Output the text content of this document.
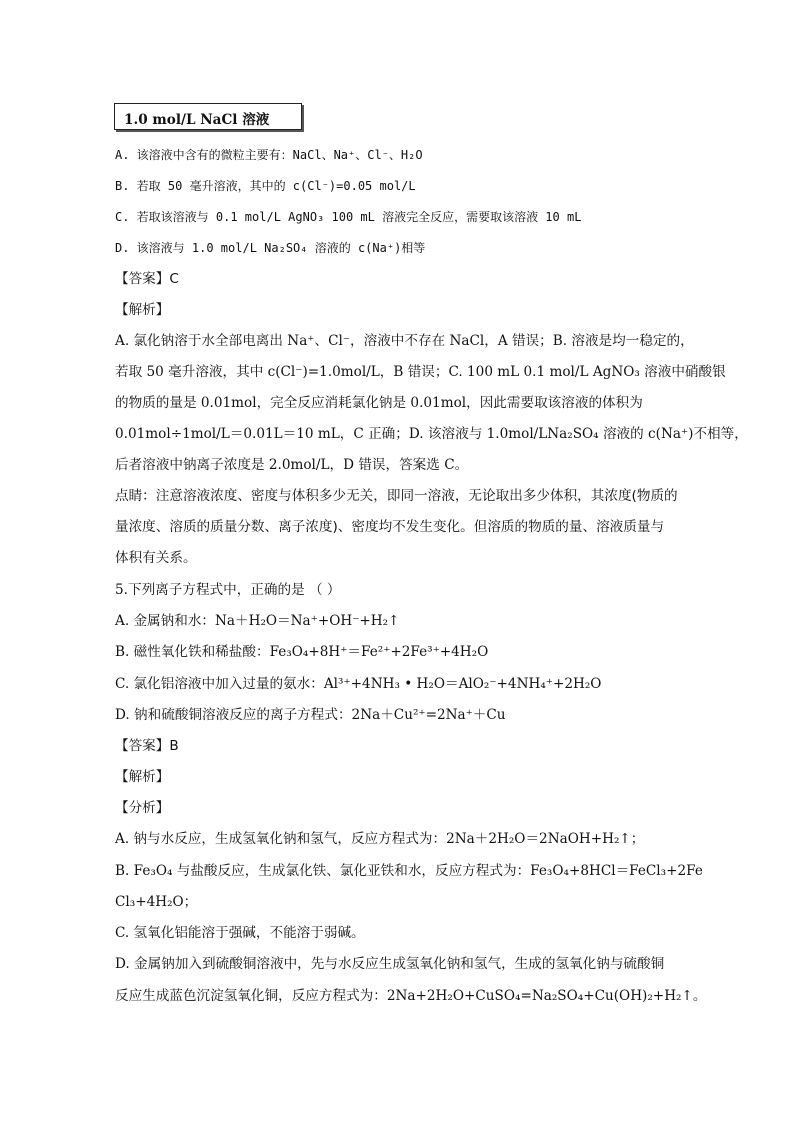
1.0 mol/L NaCl 溶液
A. 该溶液中含有的微粒主要有：NaCl、Na⁺、Cl⁻、H₂O
B. 若取 50 毫升溶液，其中的 c(Cl⁻)=0.05 mol/L
C. 若取该溶液与 0.1 mol/L AgNO₃ 100 mL 溶液完全反应，需要取该溶液 10 mL
D. 该溶液与 1.0 mol/L Na₂SO₄ 溶液的 c(Na⁺)相等
【答案】C
【解析】
A. 氯化钠溶于水全部电离出 Na⁺、Cl⁻，溶液中不存在 NaCl，A 错误；B. 溶液是均一稳定的，
若取 50 毫升溶液，其中 c(Cl⁻)=1.0mol/L，B 错误；C. 100 mL 0.1 mol/L AgNO₃ 溶液中硝酸银
的物质的量是 0.01mol，完全反应消耗氯化钠是 0.01mol，因此需要取该溶液的体积为
0.01mol÷1mol/L＝0.01L＝10 mL，C 正确；D. 该溶液与 1.0mol/LNa₂SO₄ 溶液的 c(Na⁺)不相等，
后者溶液中钠离子浓度是 2.0mol/L，D 错误，答案选 C。
点睛：注意溶液浓度、密度与体积多少无关，即同一溶液，无论取出多少体积，其浓度(物质的
量浓度、溶质的质量分数、离子浓度)、密度均不发生变化。但溶质的物质的量、溶液质量与
体积有关系。
5.下列离子方程式中，正确的是 （ ）
A. 金属钠和水：Na＋H₂O＝Na⁺+OH⁻+H₂↑
B. 磁性氧化铁和稀盐酸：Fe₃O₄+8H⁺＝Fe²⁺+2Fe³⁺+4H₂O
C. 氯化铝溶液中加入过量的氨水：Al³⁺+4NH₃ • H₂O＝AlO₂⁻+4NH₄⁺+2H₂O
D. 钠和硫酸铜溶液反应的离子方程式：2Na＋Cu²⁺=2Na⁺＋Cu
【答案】B
【解析】
【分析】
A. 钠与水反应，生成氢氧化钠和氢气，反应方程式为：2Na＋2H₂O＝2NaOH+H₂↑；
B. Fe₃O₄ 与盐酸反应，生成氯化铁、氯化亚铁和水，反应方程式为：Fe₃O₄+8HCl＝FeCl₃+2Fe
Cl₃+4H₂O；
C. 氢氧化铝能溶于强碱，不能溶于弱碱。
D. 金属钠加入到硫酸铜溶液中，先与水反应生成氢氧化钠和氢气，生成的氢氧化钠与硫酸铜
反应生成蓝色沉淀氢氧化铜，反应方程式为：2Na+2H₂O+CuSO₄=Na₂SO₄+Cu(OH)₂+H₂↑。
